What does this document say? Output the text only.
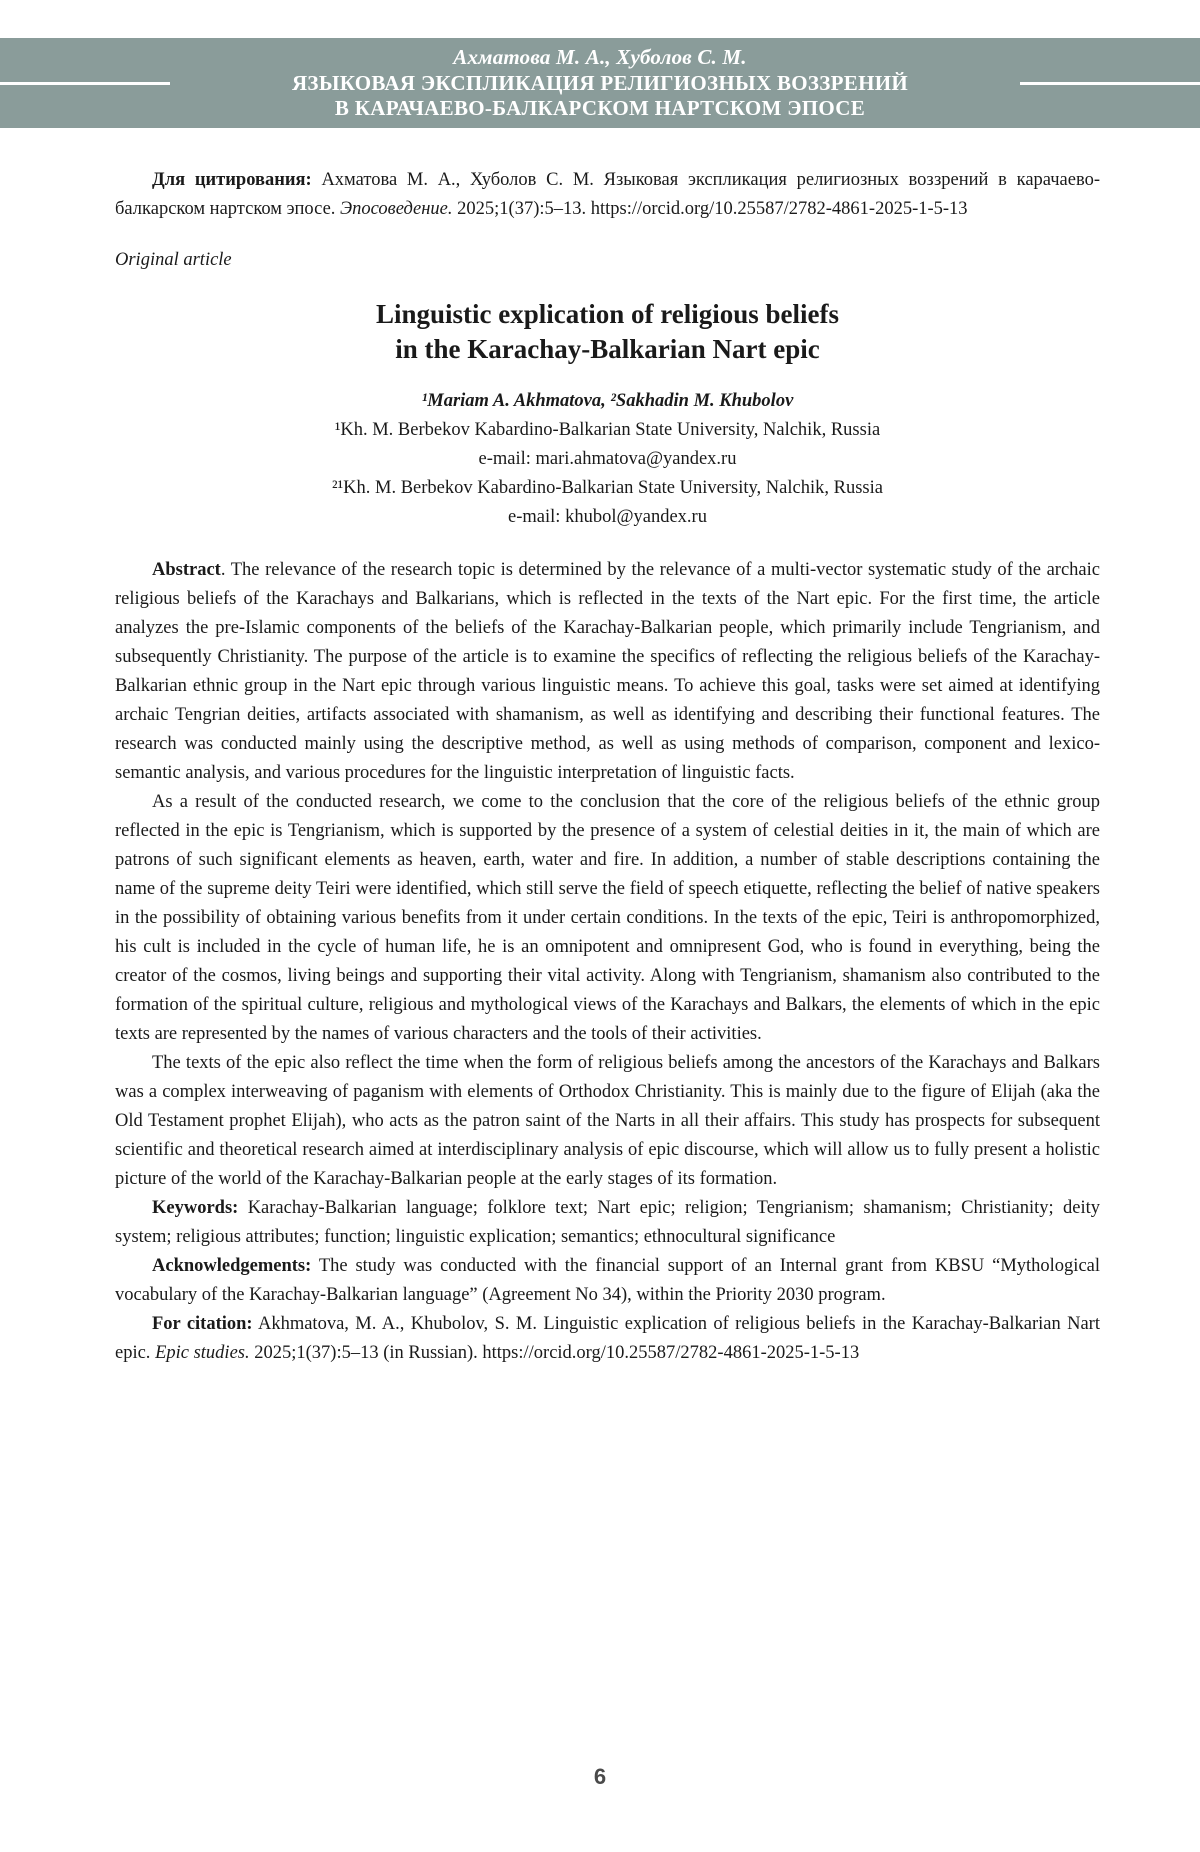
Ахматова М. А., Хуболов С. М.
ЯЗЫКОВАЯ ЭКСПЛИКАЦИЯ РЕЛИГИОЗНЫХ ВОЗЗРЕНИЙ
В КАРАЧАЕВО-БАЛКАРСКОМ НАРТСКОМ ЭПОСЕ

Для цитирования: Ахматова М. А., Хуболов С. М. Языковая экспликация религиозных воззрений в карачаево-балкарском нартском эпосе. Эпосоведение. 2025;1(37):5–13. https://orcid.org/10.25587/2782-4861-2025-1-5-13

Original article

Linguistic explication of religious beliefs
in the Karachay-Balkarian Nart epic
¹Mariam A. Akhmatova, ²Sakhadin M. Khubolov
¹Kh. M. Berbekov Kabardino-Balkarian State University, Nalchik, Russia
e-mail: mari.ahmatova@yandex.ru
²¹Kh. M. Berbekov Kabardino-Balkarian State University, Nalchik, Russia
e-mail: khubol@yandex.ru

Abstract. The relevance of the research topic is determined by the relevance of a multi-vector systematic study of the archaic religious beliefs of the Karachays and Balkarians, which is reflected in the texts of the Nart epic. For the first time, the article analyzes the pre-Islamic components of the beliefs of the Karachay-Balkarian people, which primarily include Tengrianism, and subsequently Christianity. The purpose of the article is to examine the specifics of reflecting the religious beliefs of the Karachay-Balkarian ethnic group in the Nart epic through various linguistic means. To achieve this goal, tasks were set aimed at identifying archaic Tengrian deities, artifacts associated with shamanism, as well as identifying and describing their functional features. The research was conducted mainly using the descriptive method, as well as using methods of comparison, component and lexico-semantic analysis, and various procedures for the linguistic interpretation of linguistic facts.

As a result of the conducted research, we come to the conclusion that the core of the religious beliefs of the ethnic group reflected in the epic is Tengrianism, which is supported by the presence of a system of celestial deities in it, the main of which are patrons of such significant elements as heaven, earth, water and fire. In addition, a number of stable descriptions containing the name of the supreme deity Teiri were identified, which still serve the field of speech etiquette, reflecting the belief of native speakers in the possibility of obtaining various benefits from it under certain conditions. In the texts of the epic, Teiri is anthropomorphized, his cult is included in the cycle of human life, he is an omnipotent and omnipresent God, who is found in everything, being the creator of the cosmos, living beings and supporting their vital activity. Along with Tengrianism, shamanism also contributed to the formation of the spiritual culture, religious and mythological views of the Karachays and Balkars, the elements of which in the epic texts are represented by the names of various characters and the tools of their activities.

The texts of the epic also reflect the time when the form of religious beliefs among the ancestors of the Karachays and Balkars was a complex interweaving of paganism with elements of Orthodox Christianity. This is mainly due to the figure of Elijah (aka the Old Testament prophet Elijah), who acts as the patron saint of the Narts in all their affairs. This study has prospects for subsequent scientific and theoretical research aimed at interdisciplinary analysis of epic discourse, which will allow us to fully present a holistic picture of the world of the Karachay-Balkarian people at the early stages of its formation.

Keywords: Karachay-Balkarian language; folklore text; Nart epic; religion; Tengrianism; shamanism; Christianity; deity system; religious attributes; function; linguistic explication; semantics; ethnocultural significance

Acknowledgements: The study was conducted with the financial support of an Internal grant from KBSU “Mythological vocabulary of the Karachay-Balkarian language” (Agreement No 34), within the Priority 2030 program.

For citation: Akhmatova, M. A., Khubolov, S. M. Linguistic explication of religious beliefs in the Karachay-Balkarian Nart epic. Epic studies. 2025;1(37):5–13 (in Russian). https://orcid.org/10.25587/2782-4861-2025-1-5-13

6
